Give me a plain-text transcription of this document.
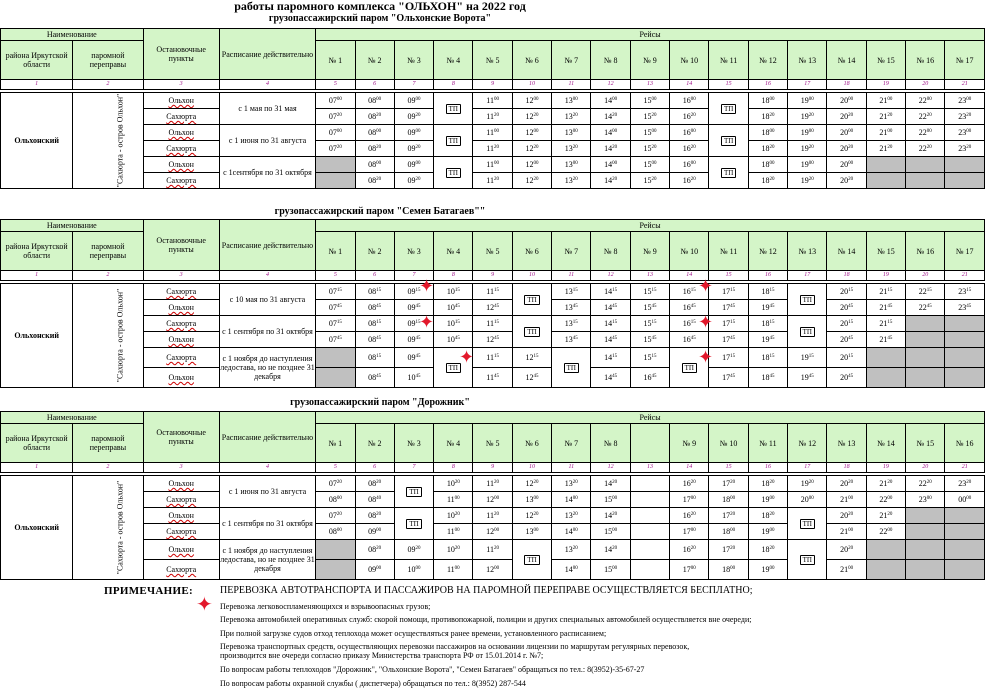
работы паромного комплекса "ОЛЬХОН" на 2022 год
грузопассажирский паром "Ольхонские Ворота"
Наименование		Остановочные пункты	Расписание действительно	Рейсы																
района Иркутской области	паромной переправы			№ 1	№ 2	№ 3	№ 4	№ 5	№ 6	№ 7	№ 8	№ 9	№ 10	№ 11	№ 12	№ 13	№ 14	№ 15	№ 16	№ 17
1	2	3	4	5	6	7	8	9	10	11	12	13	14	15	16	17	18	19	20	21

Ольхонский	"Сахюрта - остров Ольхон"	Ольхон	с 1 мая по 31 мая	$07^{00}$	$08^{00}$	$09^{00}$	ТП	$11^{00}$	$12^{00}$	$13^{00}$	$14^{00}$	$15^{00}$	$16^{00}$	ТП	$18^{00}$	$19^{00}$	$20^{00}$	$21^{00}$	$22^{00}$	$23^{00}$
		Сахюрта		$07^{20}$	$08^{20}$	$09^{20}$		$11^{20}$	$12^{20}$	$13^{20}$	$14^{20}$	$15^{20}$	$16^{20}$		$18^{20}$	$19^{20}$	$20^{20}$	$21^{20}$	$22^{20}$	$23^{20}$
		Ольхон	с 1 июня по 31 августа	$07^{00}$	$08^{00}$	$09^{00}$	ТП	$11^{00}$	$12^{00}$	$13^{00}$	$14^{00}$	$15^{00}$	$16^{00}$	ТП	$18^{00}$	$19^{00}$	$20^{00}$	$21^{00}$	$22^{00}$	$23^{00}$
		Сахюрта		$07^{20}$	$08^{20}$	$09^{20}$		$11^{20}$	$12^{20}$	$13^{20}$	$14^{20}$	$15^{20}$	$16^{20}$		$18^{20}$	$19^{20}$	$20^{20}$	$21^{20}$	$22^{20}$	$23^{20}$
		Ольхон	с 1сентября по 31 октября		$08^{00}$	$09^{00}$	ТП	$11^{00}$	$12^{00}$	$13^{00}$	$14^{00}$	$15^{00}$	$16^{00}$	ТП	$18^{00}$	$19^{00}$	$20^{00}$			
		Сахюрта			$08^{20}$	$09^{20}$		$11^{20}$	$12^{20}$	$13^{20}$	$14^{20}$	$15^{20}$	$16^{20}$		$18^{20}$	$19^{20}$	$20^{20}$			
грузопассажирский паром "Семен Батагаев""
Наименование		Остановочные пункты	Расписание действительно	Рейсы																
района Иркутской области	паромной переправы			№ 1	№ 2	№ 3	№ 4	№ 5	№ 6	№ 7	№ 8	№ 9	№ 10	№ 11	№ 12	№ 13	№ 14	№ 15	№ 16	№ 17
1	2	3	4	5	6	7	8	9	10	11	12	13	14	15	16	17	18	19	20	21

Ольхонский	"Сахюрта - остров Ольхон"	Сахюрта	с 10 мая по 31 августа	$07^{15}$	$08^{15}$	$09^{15}$	$10^{15}$	$11^{15}$	ТП	$13^{15}$	$14^{15}$	$15^{15}$	$16^{15}$	$17^{15}$	$18^{15}$	ТП	$20^{15}$	$21^{15}$	$22^{15}$	$23^{15}$
		Ольхон		$07^{45}$	$08^{45}$	$09^{45}$	$10^{45}$	$12^{45}$		$13^{45}$	$14^{45}$	$15^{45}$	$16^{45}$	$17^{45}$	$19^{45}$		$20^{45}$	$21^{45}$	$22^{45}$	$23^{45}$
		Сахюрта	с 1 сентября по 31 октября	$07^{15}$	$08^{15}$	$09^{15}$	$10^{15}$	$11^{15}$	ТП	$13^{15}$	$14^{15}$	$15^{15}$	$16^{15}$	$17^{15}$	$18^{15}$	ТП	$20^{15}$	$21^{15}$		
		Ольхон		$07^{45}$	$08^{45}$	$09^{45}$	$10^{45}$	$12^{45}$		$13^{45}$	$14^{45}$	$15^{45}$	$16^{45}$	$17^{45}$	$19^{45}$		$20^{45}$	$21^{45}$		
		Сахюрта	с 1 ноября до наступления ледостава, но не позднее 31 декабря		$08^{15}$	$09^{45}$	ТП	$11^{15}$	$12^{15}$	ТП	$14^{15}$	$15^{15}$	ТП	$17^{15}$	$18^{15}$	$19^{15}$	$20^{15}$			
		Ольхон			$08^{45}$	$10^{45}$		$11^{45}$	$12^{45}$		$14^{45}$	$16^{45}$		$17^{45}$	$18^{45}$	$19^{45}$	$20^{45}$			
грузопассажирский паром "Дорожник"
Наименование		Остановочные пункты	Расписание действительно	Рейсы																
района Иркутской области	паромной переправы			№ 1	№ 2	№ 3	№ 4	№ 5	№ 6	№ 7	№ 8		№ 9	№ 10	№ 11	№ 12	№ 13	№ 14	№ 15	№ 16
1	2	3	4	5	6	7	8	9	10	11	12	13	14	15	16	17	18	19	20	21

Ольхонский	"Сахюрта - остров Ольхон"	Ольхон	с 1 июня по 31 августа	$07^{20}$	$08^{20}$	ТП	$10^{20}$	$11^{20}$	$12^{20}$	$13^{20}$	$14^{20}$		$16^{20}$	$17^{20}$	$18^{20}$	$19^{20}$	$20^{20}$	$21^{20}$	$22^{20}$	$23^{20}$
		Сахюрта		$08^{00}$	$08^{40}$		$11^{00}$	$12^{00}$	$13^{00}$	$14^{00}$	$15^{00}$		$17^{00}$	$18^{00}$	$19^{00}$	$20^{00}$	$21^{00}$	$22^{00}$	$23^{00}$	$00^{00}$
		Ольхон	с 1 сентября по 31 октября	$07^{20}$	$08^{20}$	ТП	$10^{20}$	$11^{20}$	$12^{20}$	$13^{20}$	$14^{20}$		$16^{20}$	$17^{20}$	$18^{20}$	ТП	$20^{20}$	$21^{20}$		
		Сахюрта		$08^{00}$	$09^{00}$		$11^{00}$	$12^{00}$	$13^{00}$	$14^{00}$	$15^{00}$		$17^{00}$	$18^{00}$	$19^{00}$		$21^{00}$	$22^{00}$		
		Ольхон	с 1 ноября до наступления ледостава, но не позднее 31 декабря		$08^{20}$	$09^{20}$	$10^{20}$	$11^{20}$	ТП	$13^{20}$	$14^{20}$		$16^{20}$	$17^{20}$	$18^{20}$	ТП	$20^{20}$			
		Сахюрта			$09^{00}$	$10^{00}$	$11^{00}$	$12^{00}$		$14^{00}$	$15^{00}$		$17^{00}$	$18^{00}$	$19^{00}$		$21^{00}$			
ПРИМЕЧАНИЕ:	ПЕРЕВОЗКА АВТОТРАНСПОРТА И ПАССАЖИРОВ НА ПАРОМНОЙ ПЕРЕПРАВЕ ОСУЩЕСТВЛЯЕТСЯ БЕСПЛАТНО;
✦ Перевозка легковоспламеняющихся и взрывоопасных грузов;
Перевозка автомобилей оперативных служб: скорой помощи, противопожарной, полиции и других специальных автомобилей осуществляется вне очереди;
При полной загрузке судов отход теплохода может осуществляться ранее времени, установленного расписанием;
Перевозка транспортных средств, осуществляющих перевозки пассажиров на основании лицензии по маршрутам регулярных перевозок,
производится вне очереди согласно приказу Министерства транспорта РФ от 15.01.2014 г. №7;
По вопросам работы теплоходов "Дорожник", "Ольхонские Ворота", "Семен Батагаев" обращаться по тел.: 8(3952)-35-67-27
По вопросам работы охранной службы ( диспетчера) обращаться по тел.: 8(3952) 287-544
✦	✦
✦	✦
✦	✦
